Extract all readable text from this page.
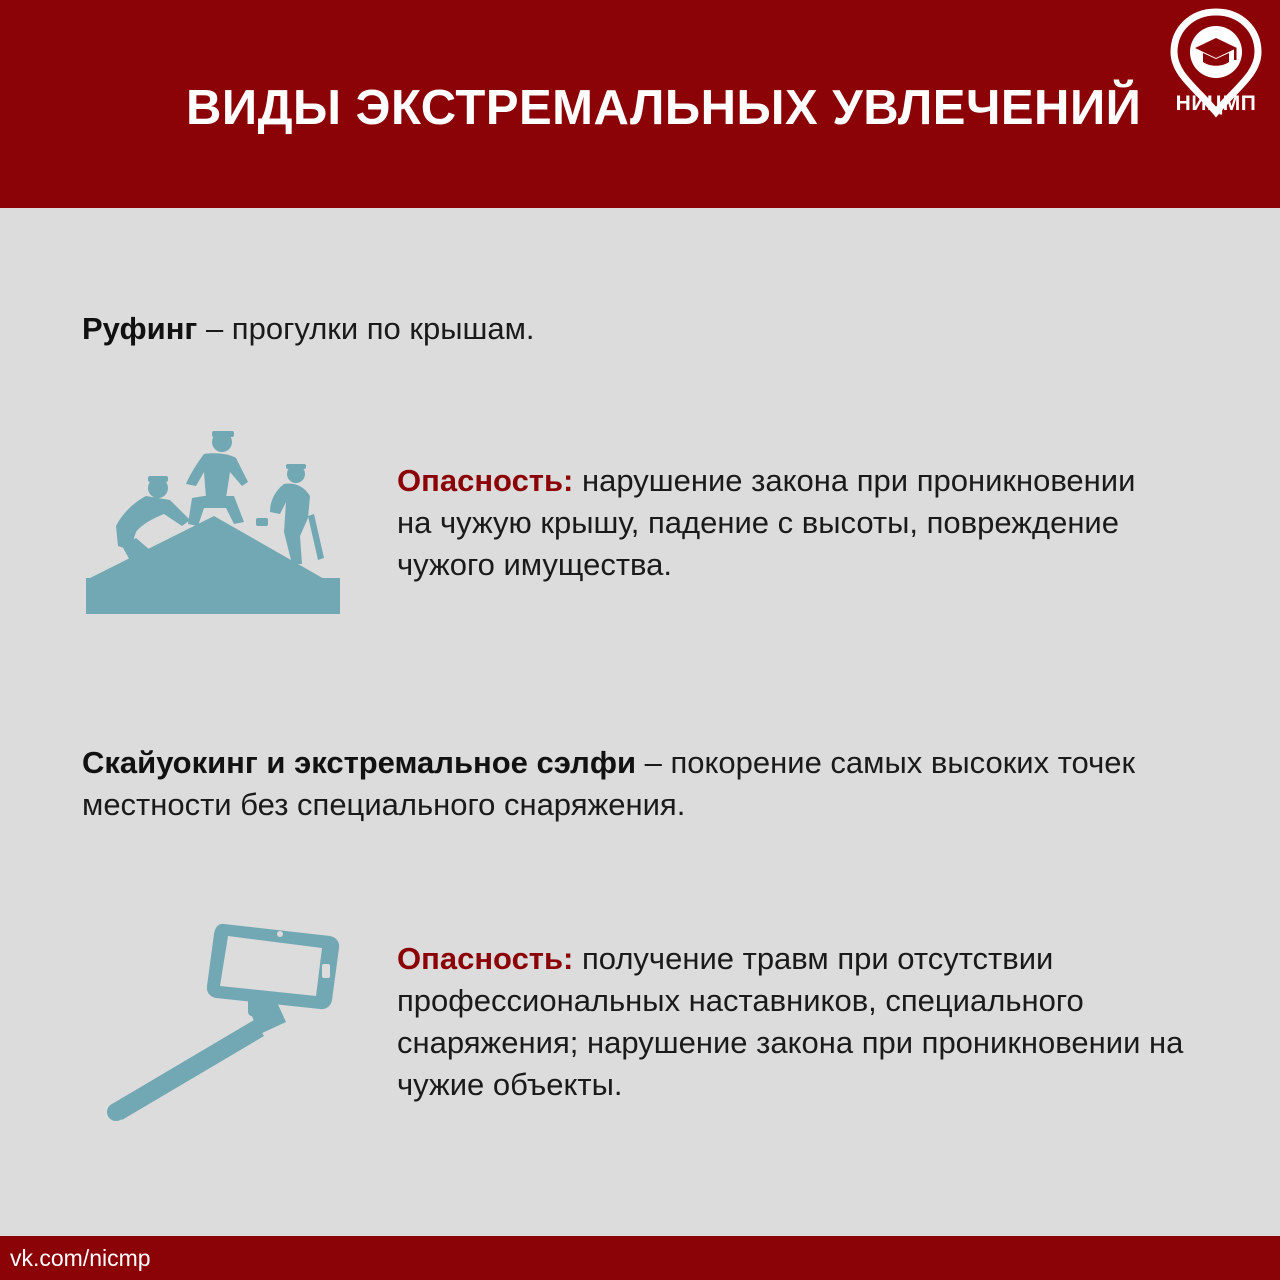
ВИДЫ ЭКСТРЕМАЛЬНЫХ УВЛЕЧЕНИЙ	НИЦМП
Руфинг – прогулки по крышам.
Опасность: нарушение закона при проникновении на чужую крышу, падение с высоты, повреждение чужого имущества.
Скайуокинг и экстремальное сэлфи – покорение самых высоких точек местности без специального снаряжения.
Опасность: получение травм при отсутствии профессиональных наставников, специального снаряжения; нарушение закона при проникновении на чужие объекты.
vk.com/nicmp
